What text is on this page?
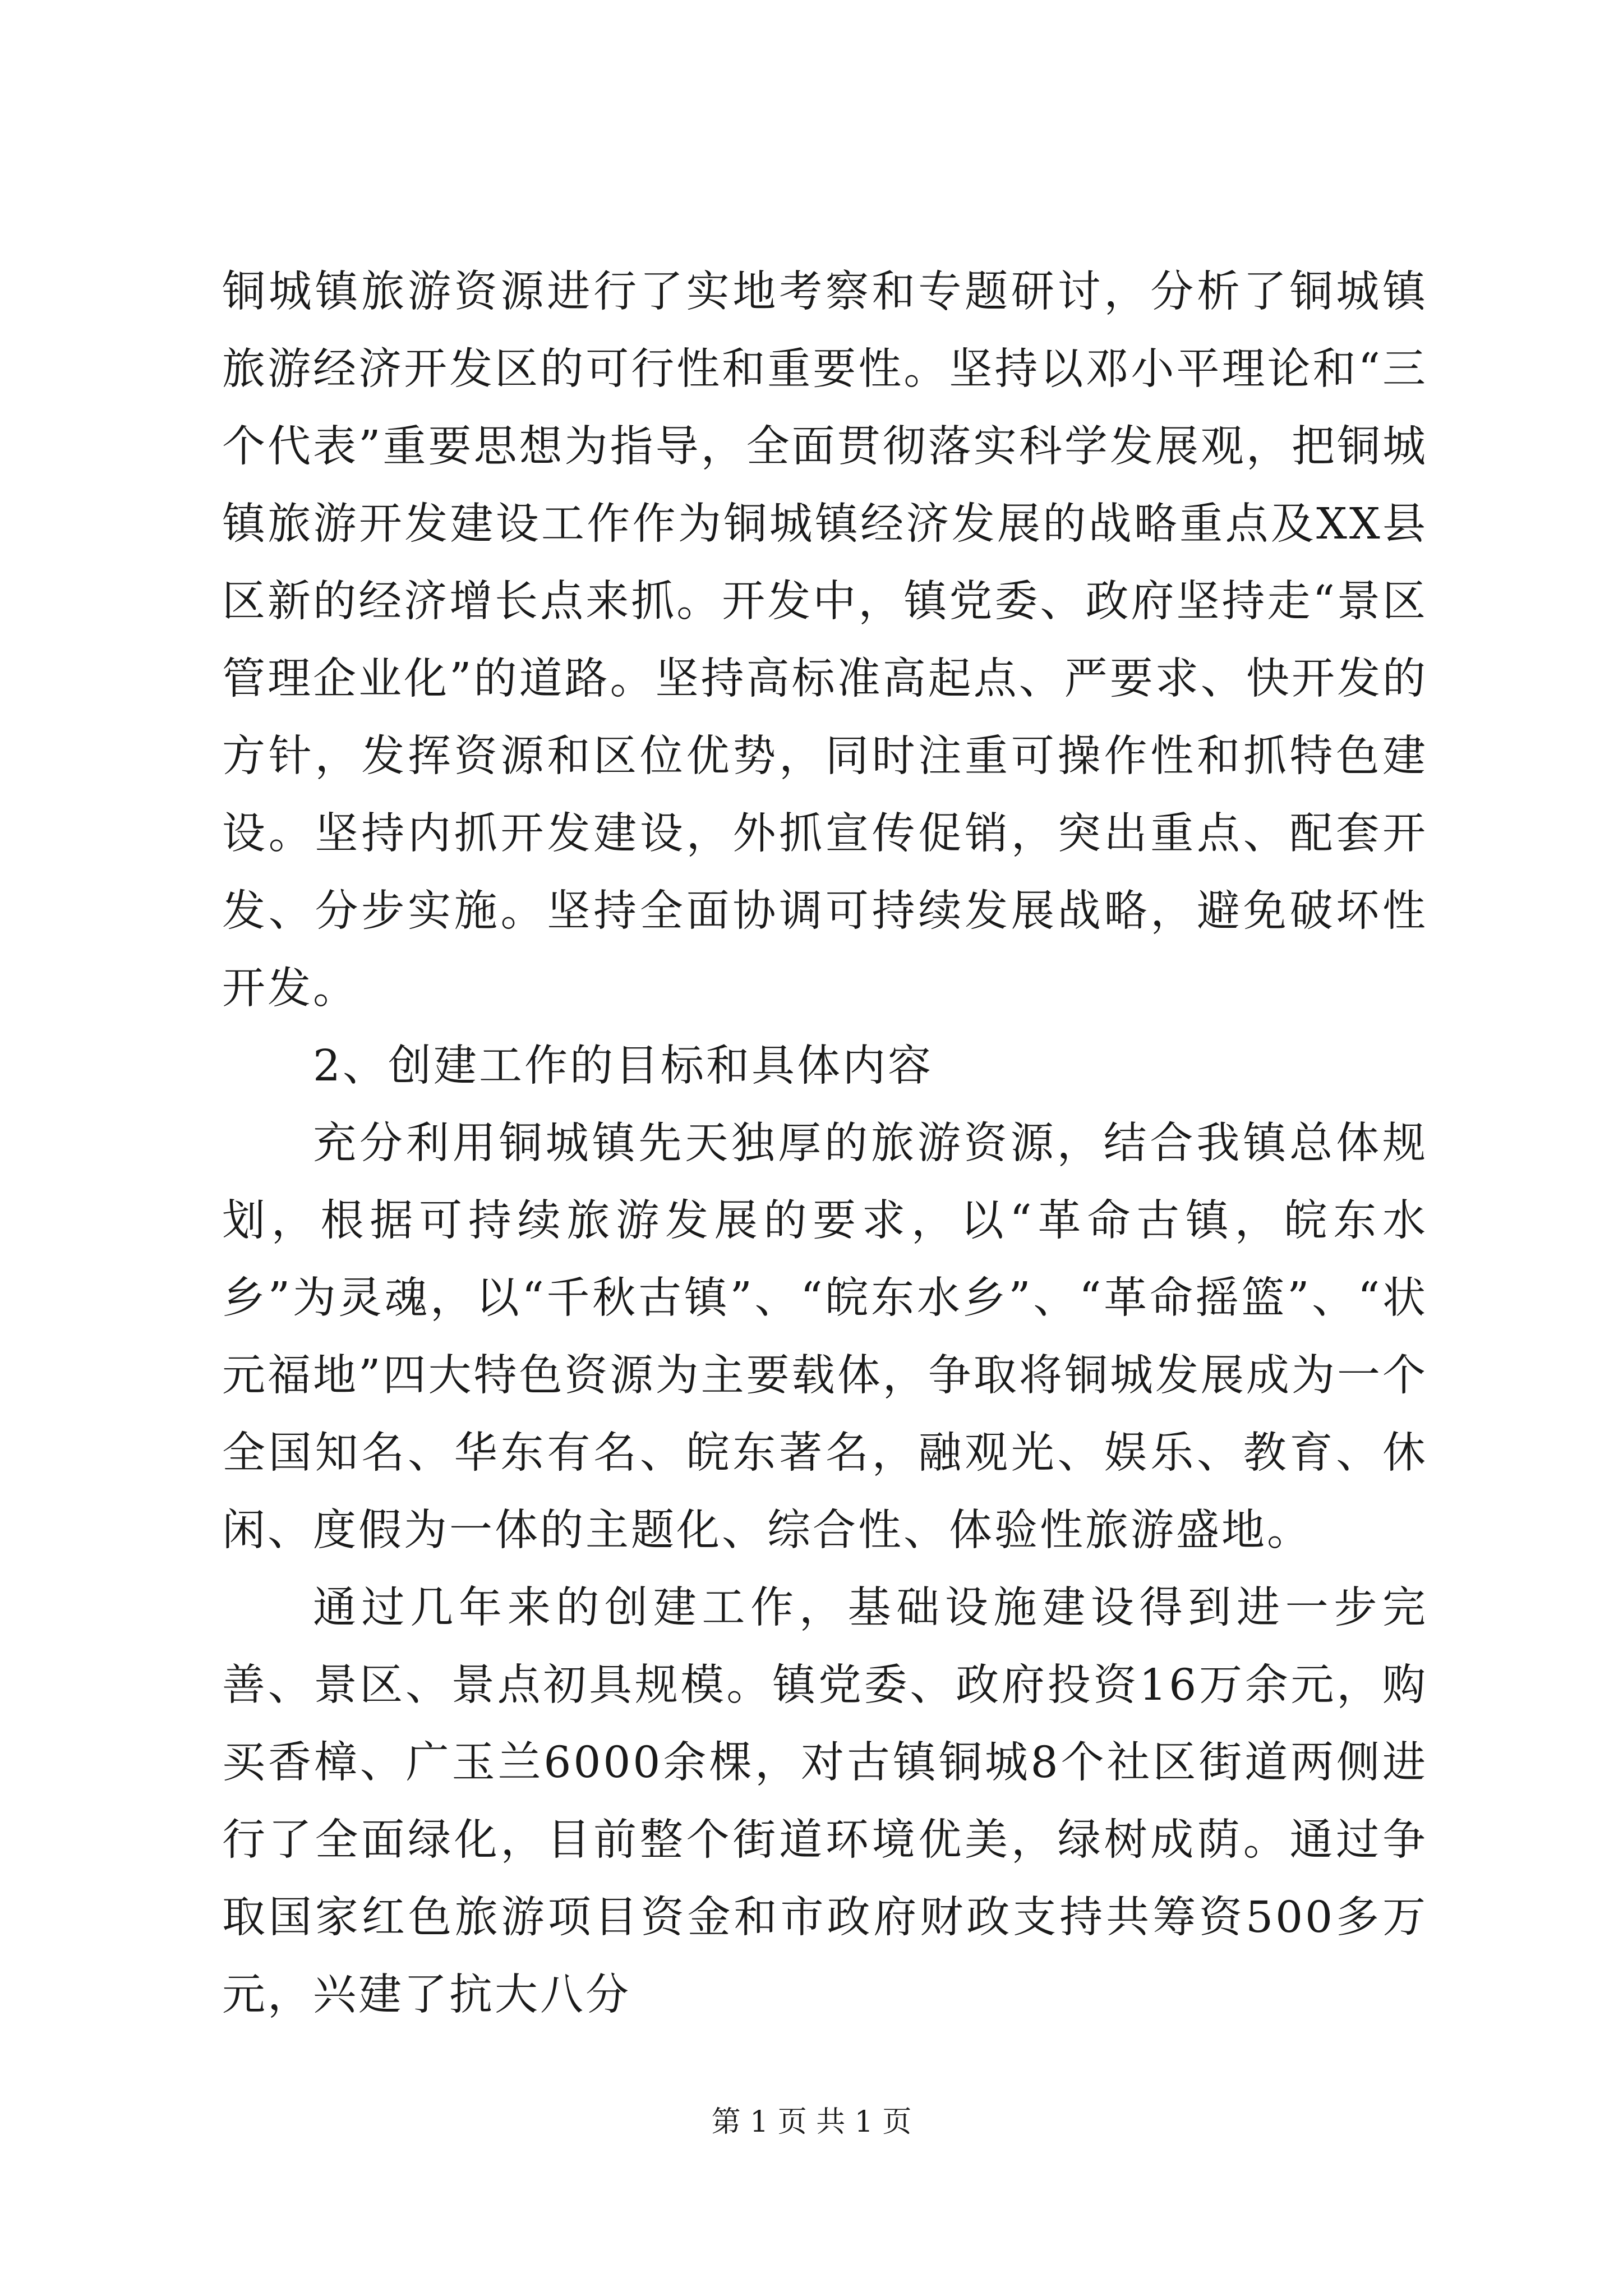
铜城镇旅游资源进行了实地考察和专题研讨，分析了铜城镇旅游经济开发区的可行性和重要性。坚持以邓小平理论和“三个代表”重要思想为指导，全面贯彻落实科学发展观，把铜城镇旅游开发建设工作作为铜城镇经济发展的战略重点及XX县区新的经济增长点来抓。开发中，镇党委、政府坚持走“景区管理企业化”的道路。坚持高标准高起点、严要求、快开发的方针，发挥资源和区位优势，同时注重可操作性和抓特色建设。坚持内抓开发建设，外抓宣传促销，突出重点、配套开发、分步实施。坚持全面协调可持续发展战略，避免破坏性开发。

2、创建工作的目标和具体内容

充分利用铜城镇先天独厚的旅游资源，结合我镇总体规划，根据可持续旅游发展的要求，以“革命古镇，皖东水乡”为灵魂，以“千秋古镇”、“皖东水乡”、“革命摇篮”、“状元福地”四大特色资源为主要载体，争取将铜城发展成为一个全国知名、华东有名、皖东著名，融观光、娱乐、教育、休闲、度假为一体的主题化、综合性、体验性旅游盛地。

通过几年来的创建工作，基础设施建设得到进一步完善、景区、景点初具规模。镇党委、政府投资16万余元，购买香樟、广玉兰6000余棵，对古镇铜城8个社区街道两侧进行了全面绿化，目前整个街道环境优美，绿树成荫。通过争取国家红色旅游项目资金和市政府财政支持共筹资500多万元，兴建了抗大八分

第 1 页 共 1 页
